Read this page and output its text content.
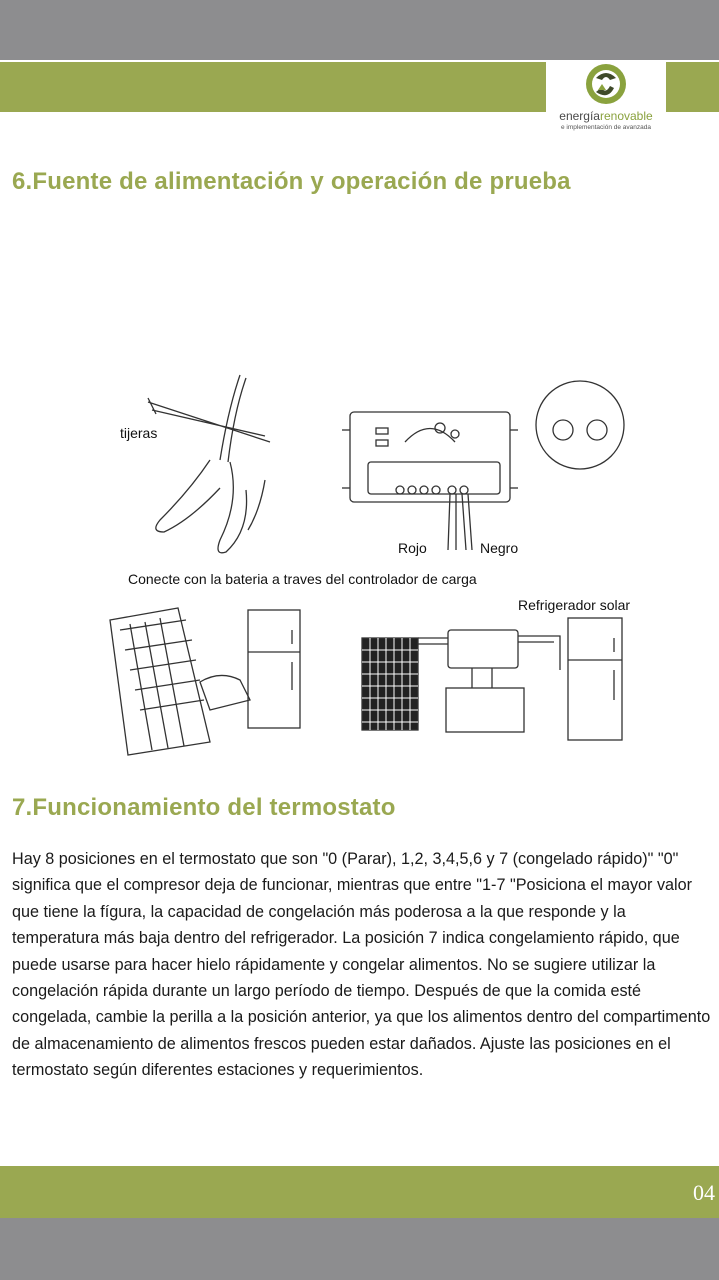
energíarenovable
e implementación de avanzada
6.Fuente de alimentación y operación de prueba
tijeras
Rojo	Negro
Conecte con la bateria a traves del controlador de carga
Refrigerador solar
7.Funcionamiento del termostato

Hay 8 posiciones en el termostato que son "0 (Parar), 1,2, 3,4,5,6 y 7 (congelado rápido)" "0" significa que el compresor deja de funcionar, mientras que entre "1-7 "Posiciona el mayor valor que tiene la fígura, la capacidad de congelación más poderosa a la que responde y la temperatura más baja dentro del refrigerador. La posición 7 indica congelamiento rápido, que puede usarse para hacer hielo rápidamente y congelar alimentos. No se sugiere utilizar la congelación rápida durante un largo período de tiempo. Después de que la comida esté congelada, cambie la perilla a la posición anterior, ya que los alimentos dentro del compartimento de almacenamiento de alimentos frescos pueden estar dañados. Ajuste las posiciones en el termostato según diferentes estaciones y requerimientos.

04
